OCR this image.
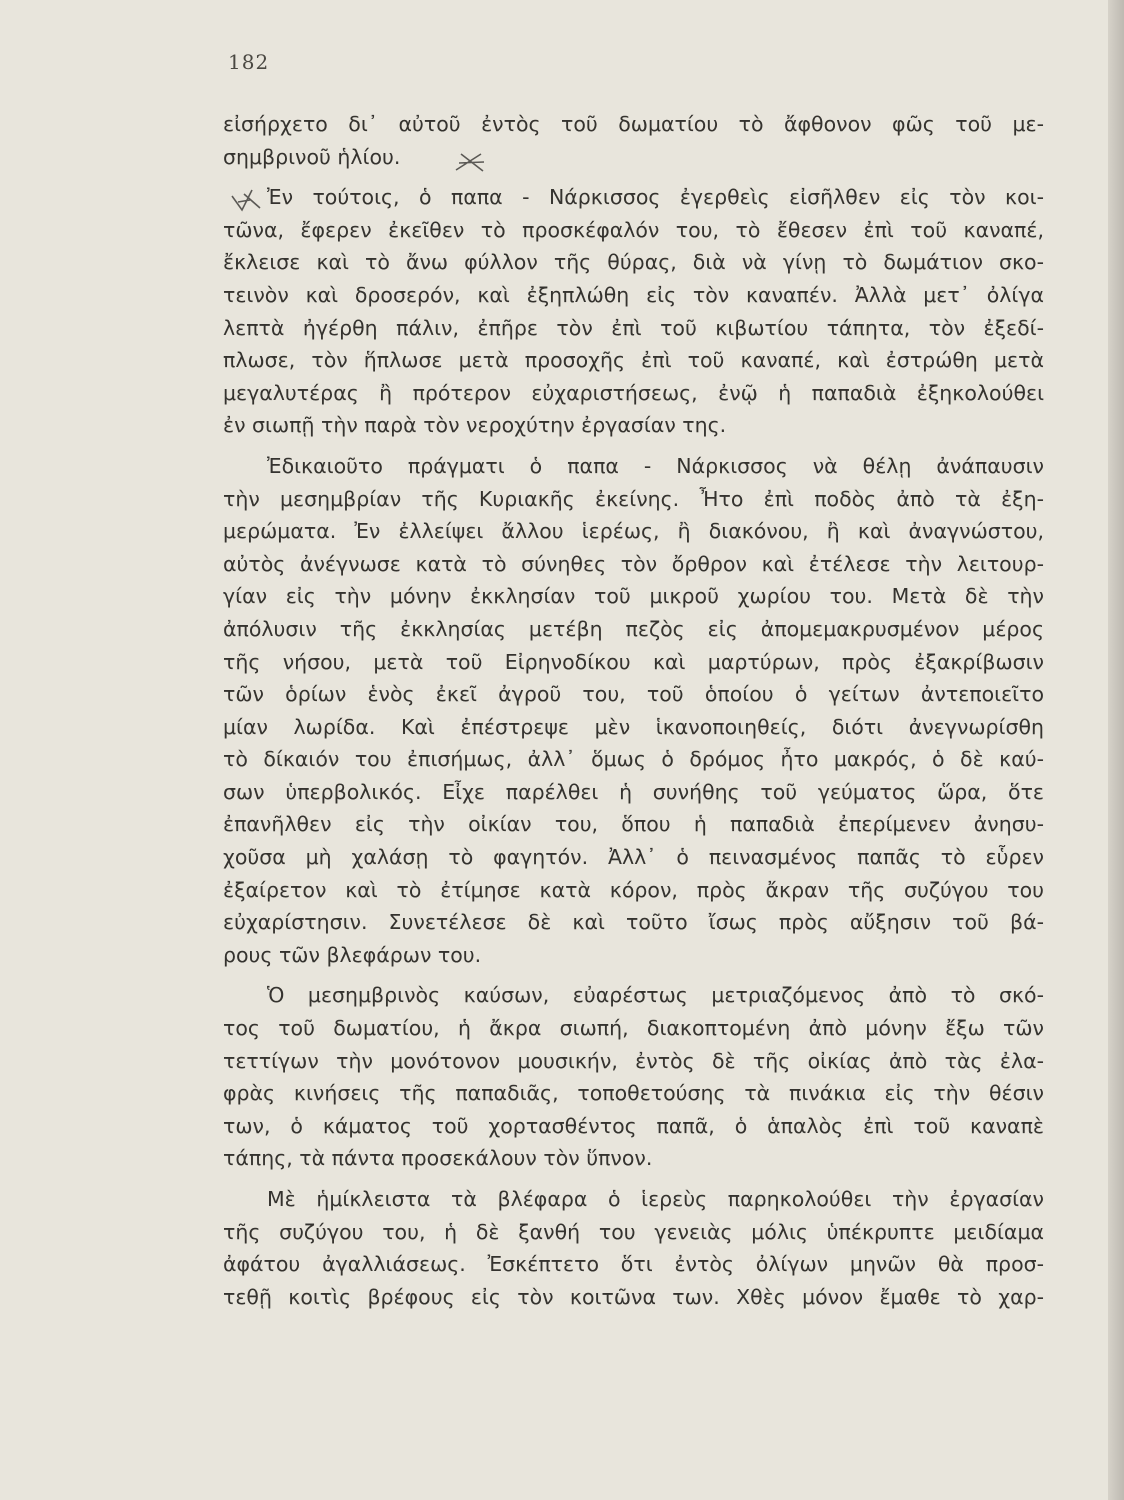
182
εἰσήρχετο δι᾽ αὐτοῦ ἐντὸς τοῦ δωματίου τὸ ἄφθονον φῶς τοῦ με-
σημβρινοῦ ἡλίου.
Ἐν τούτοις, ὁ παπα - Νάρκισσος ἐγερθεὶς εἰσῆλθεν εἰς τὸν κοι-
τῶνα, ἔφερεν ἐκεῖθεν τὸ προσκέφαλόν του, τὸ ἔθεσεν ἐπὶ τοῦ καναπέ,
ἔκλεισε καὶ τὸ ἄνω φύλλον τῆς θύρας, διὰ νὰ γίνῃ τὸ δωμάτιον σκο-
τεινὸν καὶ δροσερόν, καὶ ἐξηπλώθη εἰς τὸν καναπέν. Ἀλλὰ μετ᾽ ὀλίγα
λεπτὰ ἠγέρθη πάλιν, ἐπῆρε τὸν ἐπὶ τοῦ κιβωτίου τάπητα, τὸν ἐξεδί-
πλωσε, τὸν ἥπλωσε μετὰ προσοχῆς ἐπὶ τοῦ καναπέ, καὶ ἐστρώθη μετὰ
μεγαλυτέρας ἢ πρότερον εὐχαριστήσεως, ἐνῷ ἡ παπαδιὰ ἐξηκολούθει
ἐν σιωπῇ τὴν παρὰ τὸν νεροχύτην ἐργασίαν της.
Ἐδικαιοῦτο πράγματι ὁ παπα - Νάρκισσος νὰ θέλῃ ἀνάπαυσιν
τὴν μεσημβρίαν τῆς Κυριακῆς ἐκείνης. Ἦτο ἐπὶ ποδὸς ἀπὸ τὰ ἐξη-
μερώματα. Ἐν ἐλλείψει ἄλλου ἱερέως, ἢ διακόνου, ἢ καὶ ἀναγνώστου,
αὐτὸς ἀνέγνωσε κατὰ τὸ σύνηθες τὸν ὄρθρον καὶ ἐτέλεσε τὴν λειτουρ-
γίαν εἰς τὴν μόνην ἐκκλησίαν τοῦ μικροῦ χωρίου του. Μετὰ δὲ τὴν
ἀπόλυσιν τῆς ἐκκλησίας μετέβη πεζὸς εἰς ἀπομεμακρυσμένον μέρος
τῆς νήσου, μετὰ τοῦ Εἰρηνοδίκου καὶ μαρτύρων, πρὸς ἐξακρίβωσιν
τῶν ὁρίων ἑνὸς ἐκεῖ ἀγροῦ του, τοῦ ὁποίου ὁ γείτων ἀντεποιεῖτο
μίαν λωρίδα. Καὶ ἐπέστρεψε μὲν ἱκανοποιηθείς, διότι ἀνεγνωρίσθη
τὸ δίκαιόν του ἐπισήμως, ἀλλ᾽ ὅμως ὁ δρόμος ἦτο μακρός, ὁ δὲ καύ-
σων ὑπερβολικός. Εἶχε παρέλθει ἡ συνήθης τοῦ γεύματος ὥρα, ὅτε
ἐπανῆλθεν εἰς τὴν οἰκίαν του, ὅπου ἡ παπαδιὰ ἐπερίμενεν ἀνησυ-
χοῦσα μὴ χαλάσῃ τὸ φαγητόν. Ἀλλ᾽ ὁ πεινασμένος παπᾶς τὸ εὗρεν
ἐξαίρετον καὶ τὸ ἐτίμησε κατὰ κόρον, πρὸς ἄκραν τῆς συζύγου του
εὐχαρίστησιν. Συνετέλεσε δὲ καὶ τοῦτο ἴσως πρὸς αὔξησιν τοῦ βά-
ρους τῶν βλεφάρων του.
Ὁ μεσημβρινὸς καύσων, εὐαρέστως μετριαζόμενος ἀπὸ τὸ σκό-
τος τοῦ δωματίου, ἡ ἄκρα σιωπή, διακοπτομένη ἀπὸ μόνην ἔξω τῶν
τεττίγων τὴν μονότονον μουσικήν, ἐντὸς δὲ τῆς οἰκίας ἀπὸ τὰς ἐλα-
φρὰς κινήσεις τῆς παπαδιᾶς, τοποθετούσης τὰ πινάκια εἰς τὴν θέσιν
των, ὁ κάματος τοῦ χορτασθέντος παπᾶ, ὁ ἁπαλὸς ἐπὶ τοῦ καναπὲ
τάπης, τὰ πάντα προσεκάλουν τὸν ὕπνον.
Μὲ ἡμίκλειστα τὰ βλέφαρα ὁ ἱερεὺς παρηκολούθει τὴν ἐργασίαν
τῆς συζύγου του, ἡ δὲ ξανθή του γενειὰς μόλις ὑπέκρυπτε μειδίαμα
ἀφάτου ἀγαλλιάσεως. Ἐσκέπτετο ὅτι ἐντὸς ὀλίγων μηνῶν θὰ προσ-
τεθῇ κοιτὶς βρέφους εἰς τὸν κοιτῶνα των. Χθὲς μόνον ἔμαθε τὸ χαρ-
